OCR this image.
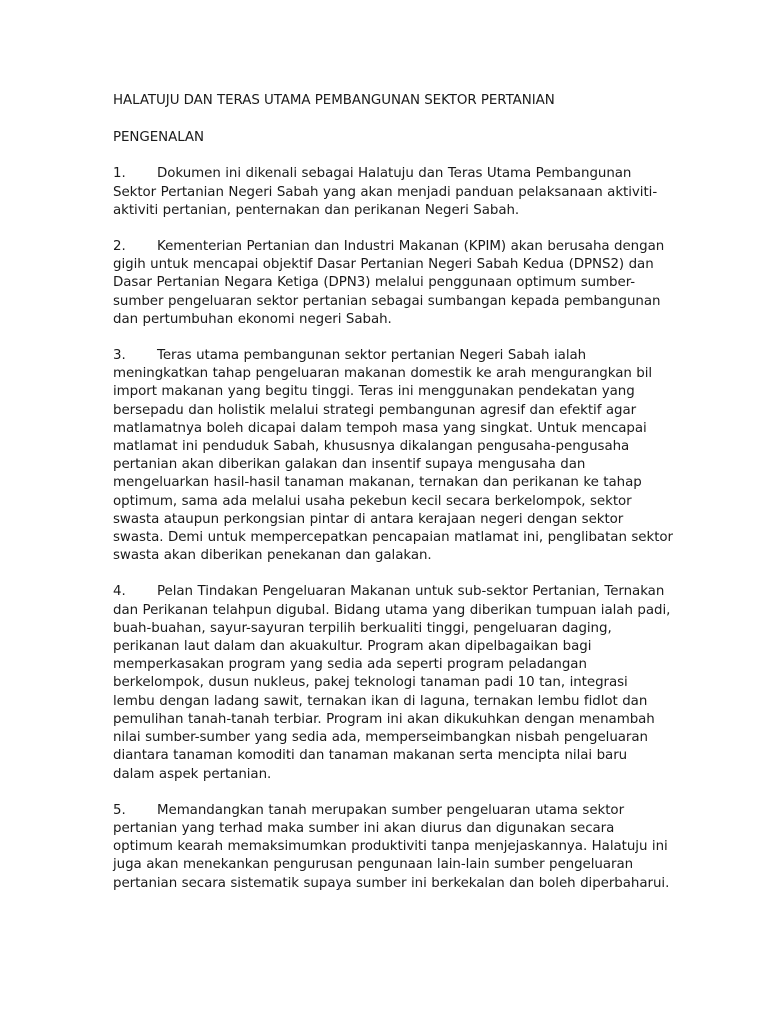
HALATUJU DAN TERAS UTAMA PEMBANGUNAN SEKTOR PERTANIAN

PENGENALAN

1. Dokumen ini dikenali sebagai Halatuju dan Teras Utama Pembangunan Sektor Pertanian Negeri Sabah yang akan menjadi panduan pelaksanaan aktiviti-aktiviti pertanian, penternakan dan perikanan Negeri Sabah.

2. Kementerian Pertanian dan Industri Makanan (KPIM) akan berusaha dengan gigih untuk mencapai objektif Dasar Pertanian Negeri Sabah Kedua (DPNS2) dan Dasar Pertanian Negara Ketiga (DPN3) melalui penggunaan optimum sumber-sumber pengeluaran sektor pertanian sebagai sumbangan kepada pembangunan dan pertumbuhan ekonomi negeri Sabah.

3. Teras utama pembangunan sektor pertanian Negeri Sabah ialah meningkatkan tahap pengeluaran makanan domestik ke arah mengurangkan bil import makanan yang begitu tinggi. Teras ini menggunakan pendekatan yang bersepadu dan holistik melalui strategi pembangunan agresif dan efektif agar matlamatnya boleh dicapai dalam tempoh masa yang singkat. Untuk mencapai matlamat ini penduduk Sabah, khususnya dikalangan pengusaha-pengusaha pertanian akan diberikan galakan dan insentif supaya mengusaha dan mengeluarkan hasil-hasil tanaman makanan, ternakan dan perikanan ke tahap optimum, sama ada melalui usaha pekebun kecil secara berkelompok, sektor swasta ataupun perkongsian pintar di antara kerajaan negeri dengan sektor swasta. Demi untuk mempercepatkan pencapaian matlamat ini, penglibatan sektor swasta akan diberikan penekanan dan galakan.

4. Pelan Tindakan Pengeluaran Makanan untuk sub-sektor Pertanian, Ternakan dan Perikanan telahpun digubal. Bidang utama yang diberikan tumpuan ialah padi, buah-buahan, sayur-sayuran terpilih berkualiti tinggi, pengeluaran daging, perikanan laut dalam dan akuakultur. Program akan dipelbagaikan bagi memperkasakan program yang sedia ada seperti program peladangan berkelompok, dusun nukleus, pakej teknologi tanaman padi 10 tan, integrasi lembu dengan ladang sawit, ternakan ikan di laguna, ternakan lembu fidlot dan pemulihan tanah-tanah terbiar. Program ini akan dikukuhkan dengan menambah nilai sumber-sumber yang sedia ada, memperseimbangkan nisbah pengeluaran diantara tanaman komoditi dan tanaman makanan serta mencipta nilai baru dalam aspek pertanian.

5. Memandangkan tanah merupakan sumber pengeluaran utama sektor pertanian yang terhad maka sumber ini akan diurus dan digunakan secara optimum kearah memaksimumkan produktiviti tanpa menjejaskannya. Halatuju ini juga akan menekankan pengurusan pengunaan lain-lain sumber pengeluaran pertanian secara sistematik supaya sumber ini berkekalan dan boleh diperbaharui.
